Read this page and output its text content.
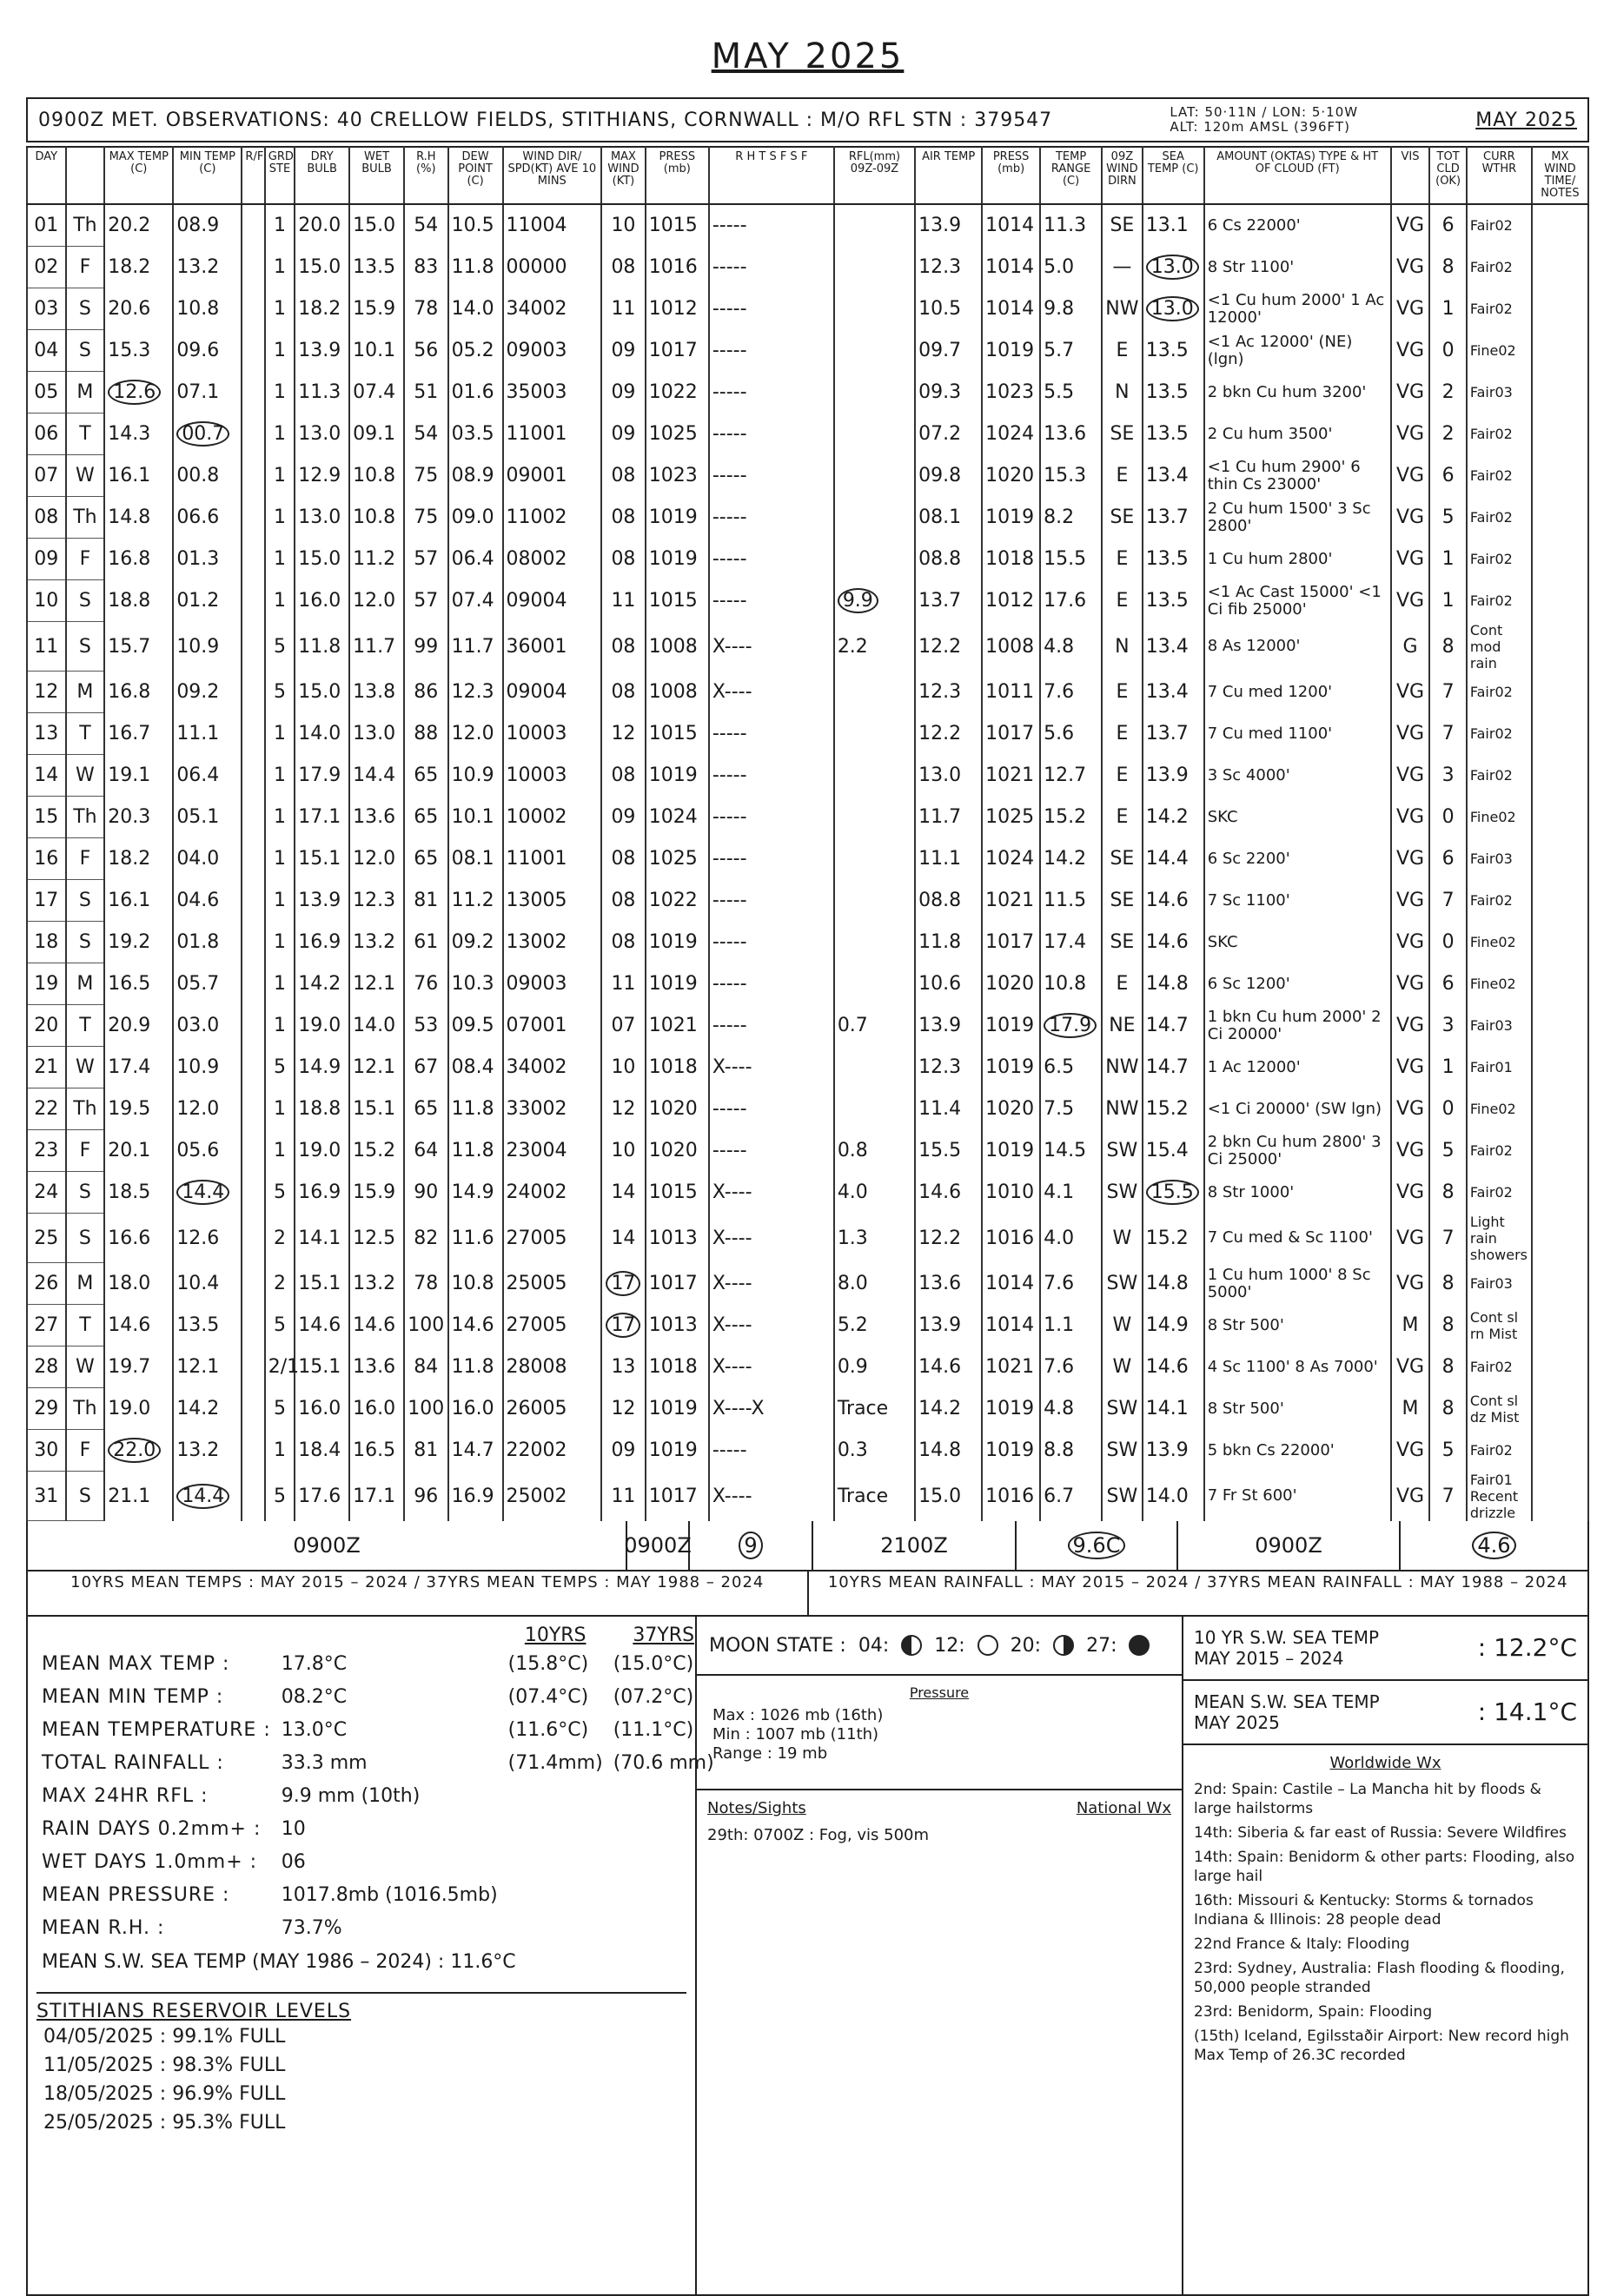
MAY 2025
0900Z MET. OBSERVATIONS: 40 CRELLOW FIELDS, STITHIANS, CORNWALL : M/O RFL STN : 379547	LAT: 50·11N / LON: 5·10W
ALT: 120m AMSL (396FT)	MAY 2025
01	Th	20.2	08.9		1	20.0	15.0	54	10.5	11004	10	1015	-----		13.9	1014	11.3	SE	13.1	6 Cs 22000'	VG	6	Fair02	
02	F	18.2	13.2		1	15.0	13.5	83	11.8	00000	08	1016	-----		12.3	1014	5.0	—	13.0	8 Str 1100'	VG	8	Fair02	
03	S	20.6	10.8		1	18.2	15.9	78	14.0	34002	11	1012	-----		10.5	1014	9.8	NW	13.0	<1 Cu hum 2000' 1 Ac 12000'	VG	1	Fair02	
04	S	15.3	09.6		1	13.9	10.1	56	05.2	09003	09	1017	-----		09.7	1019	5.7	E	13.5	<1 Ac 12000' (NE) (lgn)	VG	0	Fine02	
05	M	12.6	07.1		1	11.3	07.4	51	01.6	35003	09	1022	-----		09.3	1023	5.5	N	13.5	2 bkn Cu hum 3200'	VG	2	Fair03	
06	T	14.3	00.7		1	13.0	09.1	54	03.5	11001	09	1025	-----		07.2	1024	13.6	SE	13.5	2 Cu hum 3500'	VG	2	Fair02	
07	W	16.1	00.8		1	12.9	10.8	75	08.9	09001	08	1023	-----		09.8	1020	15.3	E	13.4	<1 Cu hum 2900' 6 thin Cs 23000'	VG	6	Fair02	
08	Th	14.8	06.6		1	13.0	10.8	75	09.0	11002	08	1019	-----		08.1	1019	8.2	SE	13.7	2 Cu hum 1500' 3 Sc 2800'	VG	5	Fair02	
09	F	16.8	01.3		1	15.0	11.2	57	06.4	08002	08	1019	-----		08.8	1018	15.5	E	13.5	1 Cu hum 2800'	VG	1	Fair02	
10	S	18.8	01.2		1	16.0	12.0	57	07.4	09004	11	1015	-----	9.9	13.7	1012	17.6	E	13.5	<1 Ac Cast 15000' <1 Ci fib 25000'	VG	1	Fair02	
11	S	15.7	10.9		5	11.8	11.7	99	11.7	36001	08	1008	X----	2.2	12.2	1008	4.8	N	13.4	8 As 12000'	G	8	Cont mod rain	
12	M	16.8	09.2		5	15.0	13.8	86	12.3	09004	08	1008	X----		12.3	1011	7.6	E	13.4	7 Cu med 1200'	VG	7	Fair02	
13	T	16.7	11.1		1	14.0	13.0	88	12.0	10003	12	1015	-----		12.2	1017	5.6	E	13.7	7 Cu med 1100'	VG	7	Fair02	
14	W	19.1	06.4		1	17.9	14.4	65	10.9	10003	08	1019	-----		13.0	1021	12.7	E	13.9	3 Sc 4000'	VG	3	Fair02	
15	Th	20.3	05.1		1	17.1	13.6	65	10.1	10002	09	1024	-----		11.7	1025	15.2	E	14.2	SKC	VG	0	Fine02	
16	F	18.2	04.0		1	15.1	12.0	65	08.1	11001	08	1025	-----		11.1	1024	14.2	SE	14.4	6 Sc 2200'	VG	6	Fair03	
17	S	16.1	04.6		1	13.9	12.3	81	11.2	13005	08	1022	-----		08.8	1021	11.5	SE	14.6	7 Sc 1100'	VG	7	Fair02	
18	S	19.2	01.8		1	16.9	13.2	61	09.2	13002	08	1019	-----		11.8	1017	17.4	SE	14.6	SKC	VG	0	Fine02	
19	M	16.5	05.7		1	14.2	12.1	76	10.3	09003	11	1019	-----		10.6	1020	10.8	E	14.8	6 Sc 1200'	VG	6	Fine02	
20	T	20.9	03.0		1	19.0	14.0	53	09.5	07001	07	1021	-----	0.7	13.9	1019	17.9	NE	14.7	1 bkn Cu hum 2000' 2 Ci 20000'	VG	3	Fair03	
21	W	17.4	10.9		5	14.9	12.1	67	08.4	34002	10	1018	X----		12.3	1019	6.5	NW	14.7	1 Ac 12000'	VG	1	Fair01	
22	Th	19.5	12.0		1	18.8	15.1	65	11.8	33002	12	1020	-----		11.4	1020	7.5	NW	15.2	<1 Ci 20000' (SW lgn)	VG	0	Fine02	
23	F	20.1	05.6		1	19.0	15.2	64	11.8	23004	10	1020	-----	0.8	15.5	1019	14.5	SW	15.4	2 bkn Cu hum 2800' 3 Ci 25000'	VG	5	Fair02	
24	S	18.5	14.4		5	16.9	15.9	90	14.9	24002	14	1015	X----	4.0	14.6	1010	4.1	SW	15.5	8 Str 1000'	VG	8	Fair02	
25	S	16.6	12.6		2	14.1	12.5	82	11.6	27005	14	1013	X----	1.3	12.2	1016	4.0	W	15.2	7 Cu med & Sc 1100'	VG	7	Light rain showers	
26	M	18.0	10.4		2	15.1	13.2	78	10.8	25005	17	1017	X----	8.0	13.6	1014	7.6	SW	14.8	1 Cu hum 1000' 8 Sc 5000'	VG	8	Fair03	
27	T	14.6	13.5		5	14.6	14.6	100	14.6	27005	17	1013	X----	5.2	13.9	1014	1.1	W	14.9	8 Str 500'	M	8	Cont sl rn Mist	
28	W	19.7	12.1		2/1	15.1	13.6	84	11.8	28008	13	1018	X----	0.9	14.6	1021	7.6	W	14.6	4 Sc 1100' 8 As 7000'	VG	8	Fair02	
29	Th	19.0	14.2		5	16.0	16.0	100	16.0	26005	12	1019	X----X	Trace	14.2	1019	4.8	SW	14.1	8 Str 500'	M	8	Cont sl dz Mist	
30	F	22.0	13.2		1	18.4	16.5	81	14.7	22002	09	1019	-----	0.3	14.8	1019	8.8	SW	13.9	5 bkn Cs 22000'	VG	5	Fair02	
31	S	21.1	14.4		5	17.6	17.1	96	16.9	25002	11	1017	X----	Trace	15.0	1016	6.7	SW	14.0	7 Fr St 600'	VG	7	Fair01 Recent drizzle	
DAY		MAX TEMP (C)	MIN TEMP (C)	R/F	GRD STE	DRY BULB	WET BULB	R.H (%)	DEW POINT (C)	WIND DIR/ SPD(KT) AVE 10 MINS	MAX WIND (KT)	PRESS (mb)	R H T S F S F	RFL(mm) 09Z-09Z	AIR TEMP	PRESS (mb)	TEMP RANGE (C)	09Z WIND DIRN	SEA TEMP (C)	AMOUNT (OKTAS) TYPE & HT OF CLOUD (FT)	VIS	TOT CLD (OK)	CURR WTHR	MX WIND TIME/ NOTES
0900Z	0900Z	9	2100Z	9.6C	0900Z	4.6
10YRS MEAN TEMPS : MAY 2015 – 2024 / 37YRS MEAN TEMPS : MAY 1988 – 2024	10YRS MEAN RAINFALL : MAY 2015 – 2024 / 37YRS MEAN RAINFALL : MAY 1988 – 2024
		10YRS	37YRS
MEAN MAX TEMP :	17.8°C	(15.8°C)	(15.0°C)
MEAN MIN TEMP :	08.2°C	(07.4°C)	(07.2°C)
MEAN TEMPERATURE :	13.0°C	(11.6°C)	(11.1°C)
TOTAL RAINFALL :	33.3 mm	(71.4mm)	(70.6 mm)
MAX 24HR RFL :	9.9 mm (10th)		
RAIN DAYS 0.2mm+ :	10		
WET DAYS 1.0mm+ :	06		
MEAN PRESSURE :	1017.8mb (1016.5mb)		
MEAN R.H. :	73.7%		
MEAN S.W. SEA TEMP (MAY 1986 – 2024) : 11.6°C
STITHIANS RESERVOIR LEVELS
04/05/2025 : 99.1% FULL
11/05/2025 : 98.3% FULL
18/05/2025 : 96.9% FULL
25/05/2025 : 95.3% FULL
MOON STATE : 04: 12: 20: 27:
Pressure
Max : 1026 mb (16th)
Min : 1007 mb (11th)
Range : 19 mb
Notes/Sights	National Wx
29th: 0700Z : Fog, vis 500m
10 YR S.W. SEA TEMP
MAY 2015 – 2024	: 12.2°C
MEAN S.W. SEA TEMP
MAY 2025	: 14.1°C
Worldwide Wx
2nd: Spain: Castile – La Mancha hit by floods & large hailstorms
14th: Siberia & far east of Russia: Severe Wildfires
14th: Spain: Benidorm & other parts: Flooding, also large hail
16th: Missouri & Kentucky: Storms & tornados Indiana & Illinois: 28 people dead
22nd France & Italy: Flooding
23rd: Sydney, Australia: Flash flooding & flooding, 50,000 people stranded
23rd: Benidorm, Spain: Flooding
(15th) Iceland, Egilsstaðir Airport: New record high Max Temp of 26.3C recorded
